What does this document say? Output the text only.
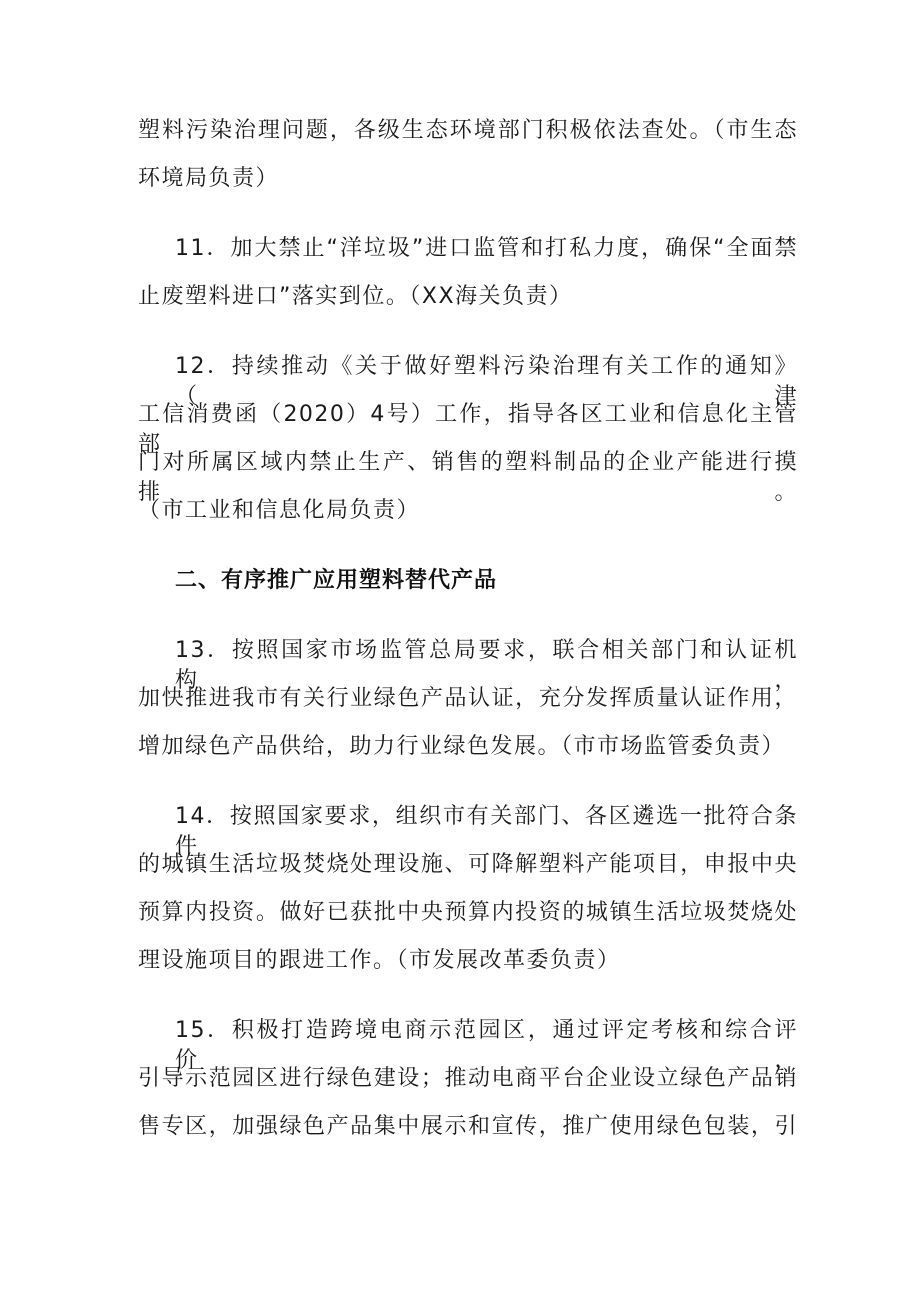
塑料污染治理问题，各级生态环境部门积极依法查处。（市生态
环境局负责）
11．加大禁止“洋垃圾”进口监管和打私力度，确保“全面禁
止废塑料进口”落实到位。（XX海关负责）
12．持续推动《关于做好塑料污染治理有关工作的通知》（津
工信消费函（2020）4号）工作，指导各区工业和信息化主管部
门对所属区域内禁止生产、销售的塑料制品的企业产能进行摸排。
（市工业和信息化局负责）
二、有序推广应用塑料替代产品
13．按照国家市场监管总局要求，联合相关部门和认证机构，
加快推进我市有关行业绿色产品认证，充分发挥质量认证作用，
增加绿色产品供给，助力行业绿色发展。（市市场监管委负责）
14．按照国家要求，组织市有关部门、各区遴选一批符合条件
的城镇生活垃圾焚烧处理设施、可降解塑料产能项目，申报中央
预算内投资。做好已获批中央预算内投资的城镇生活垃圾焚烧处
理设施项目的跟进工作。（市发展改革委负责）
15．积极打造跨境电商示范园区，通过评定考核和综合评价，
引导示范园区进行绿色建设；推动电商平台企业设立绿色产品销
售专区，加强绿色产品集中展示和宣传，推广使用绿色包装，引
